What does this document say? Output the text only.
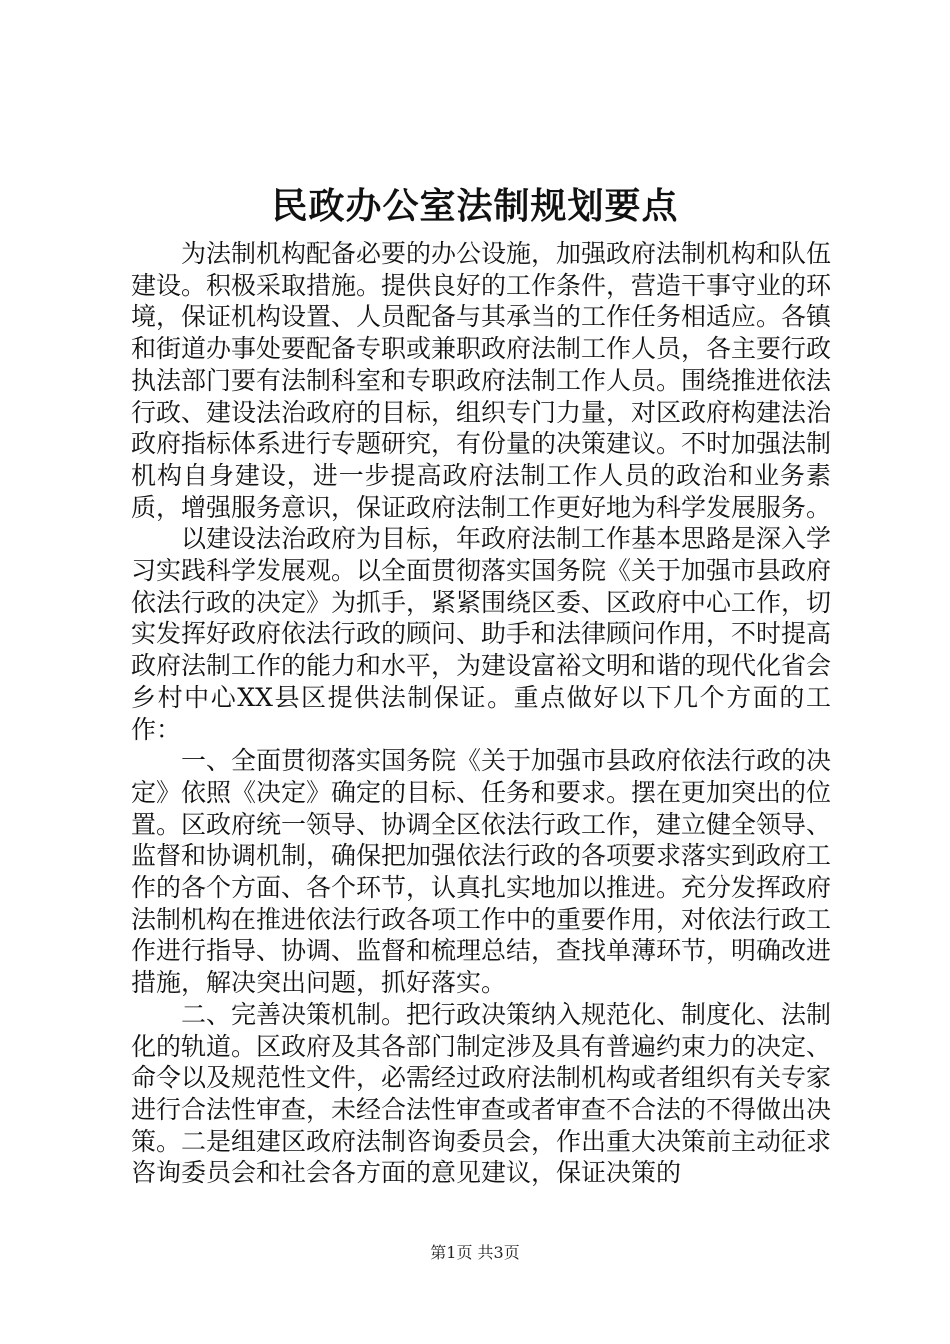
民政办公室法制规划要点

为法制机构配备必要的办公设施，加强政府法制机构和队伍建设。积极采取措施。提供良好的工作条件，营造干事守业的环境，保证机构设置、人员配备与其承当的工作任务相适应。各镇和街道办事处要配备专职或兼职政府法制工作人员，各主要行政执法部门要有法制科室和专职政府法制工作人员。围绕推进依法行政、建设法治政府的目标，组织专门力量，对区政府构建法治政府指标体系进行专题研究，有份量的决策建议。不时加强法制机构自身建设，进一步提高政府法制工作人员的政治和业务素质，增强服务意识，保证政府法制工作更好地为科学发展服务。

以建设法治政府为目标，年政府法制工作基本思路是深入学习实践科学发展观。以全面贯彻落实国务院《关于加强市县政府依法行政的决定》为抓手，紧紧围绕区委、区政府中心工作，切实发挥好政府依法行政的顾问、助手和法律顾问作用，不时提高政府法制工作的能力和水平，为建设富裕文明和谐的现代化省会乡村中心XX县区提供法制保证。重点做好以下几个方面的工作：

一、全面贯彻落实国务院《关于加强市县政府依法行政的决定》依照《决定》确定的目标、任务和要求。摆在更加突出的位置。区政府统一领导、协调全区依法行政工作，建立健全领导、监督和协调机制，确保把加强依法行政的各项要求落实到政府工作的各个方面、各个环节，认真扎实地加以推进。充分发挥政府法制机构在推进依法行政各项工作中的重要作用，对依法行政工作进行指导、协调、监督和梳理总结，查找单薄环节，明确改进措施，解决突出问题，抓好落实。

二、完善决策机制。把行政决策纳入规范化、制度化、法制化的轨道。区政府及其各部门制定涉及具有普遍约束力的决定、命令以及规范性文件，必需经过政府法制机构或者组织有关专家进行合法性审查，未经合法性审查或者审查不合法的不得做出决策。二是组建区政府法制咨询委员会，作出重大决策前主动征求咨询委员会和社会各方面的意见建议，保证决策的

第1页 共3页
